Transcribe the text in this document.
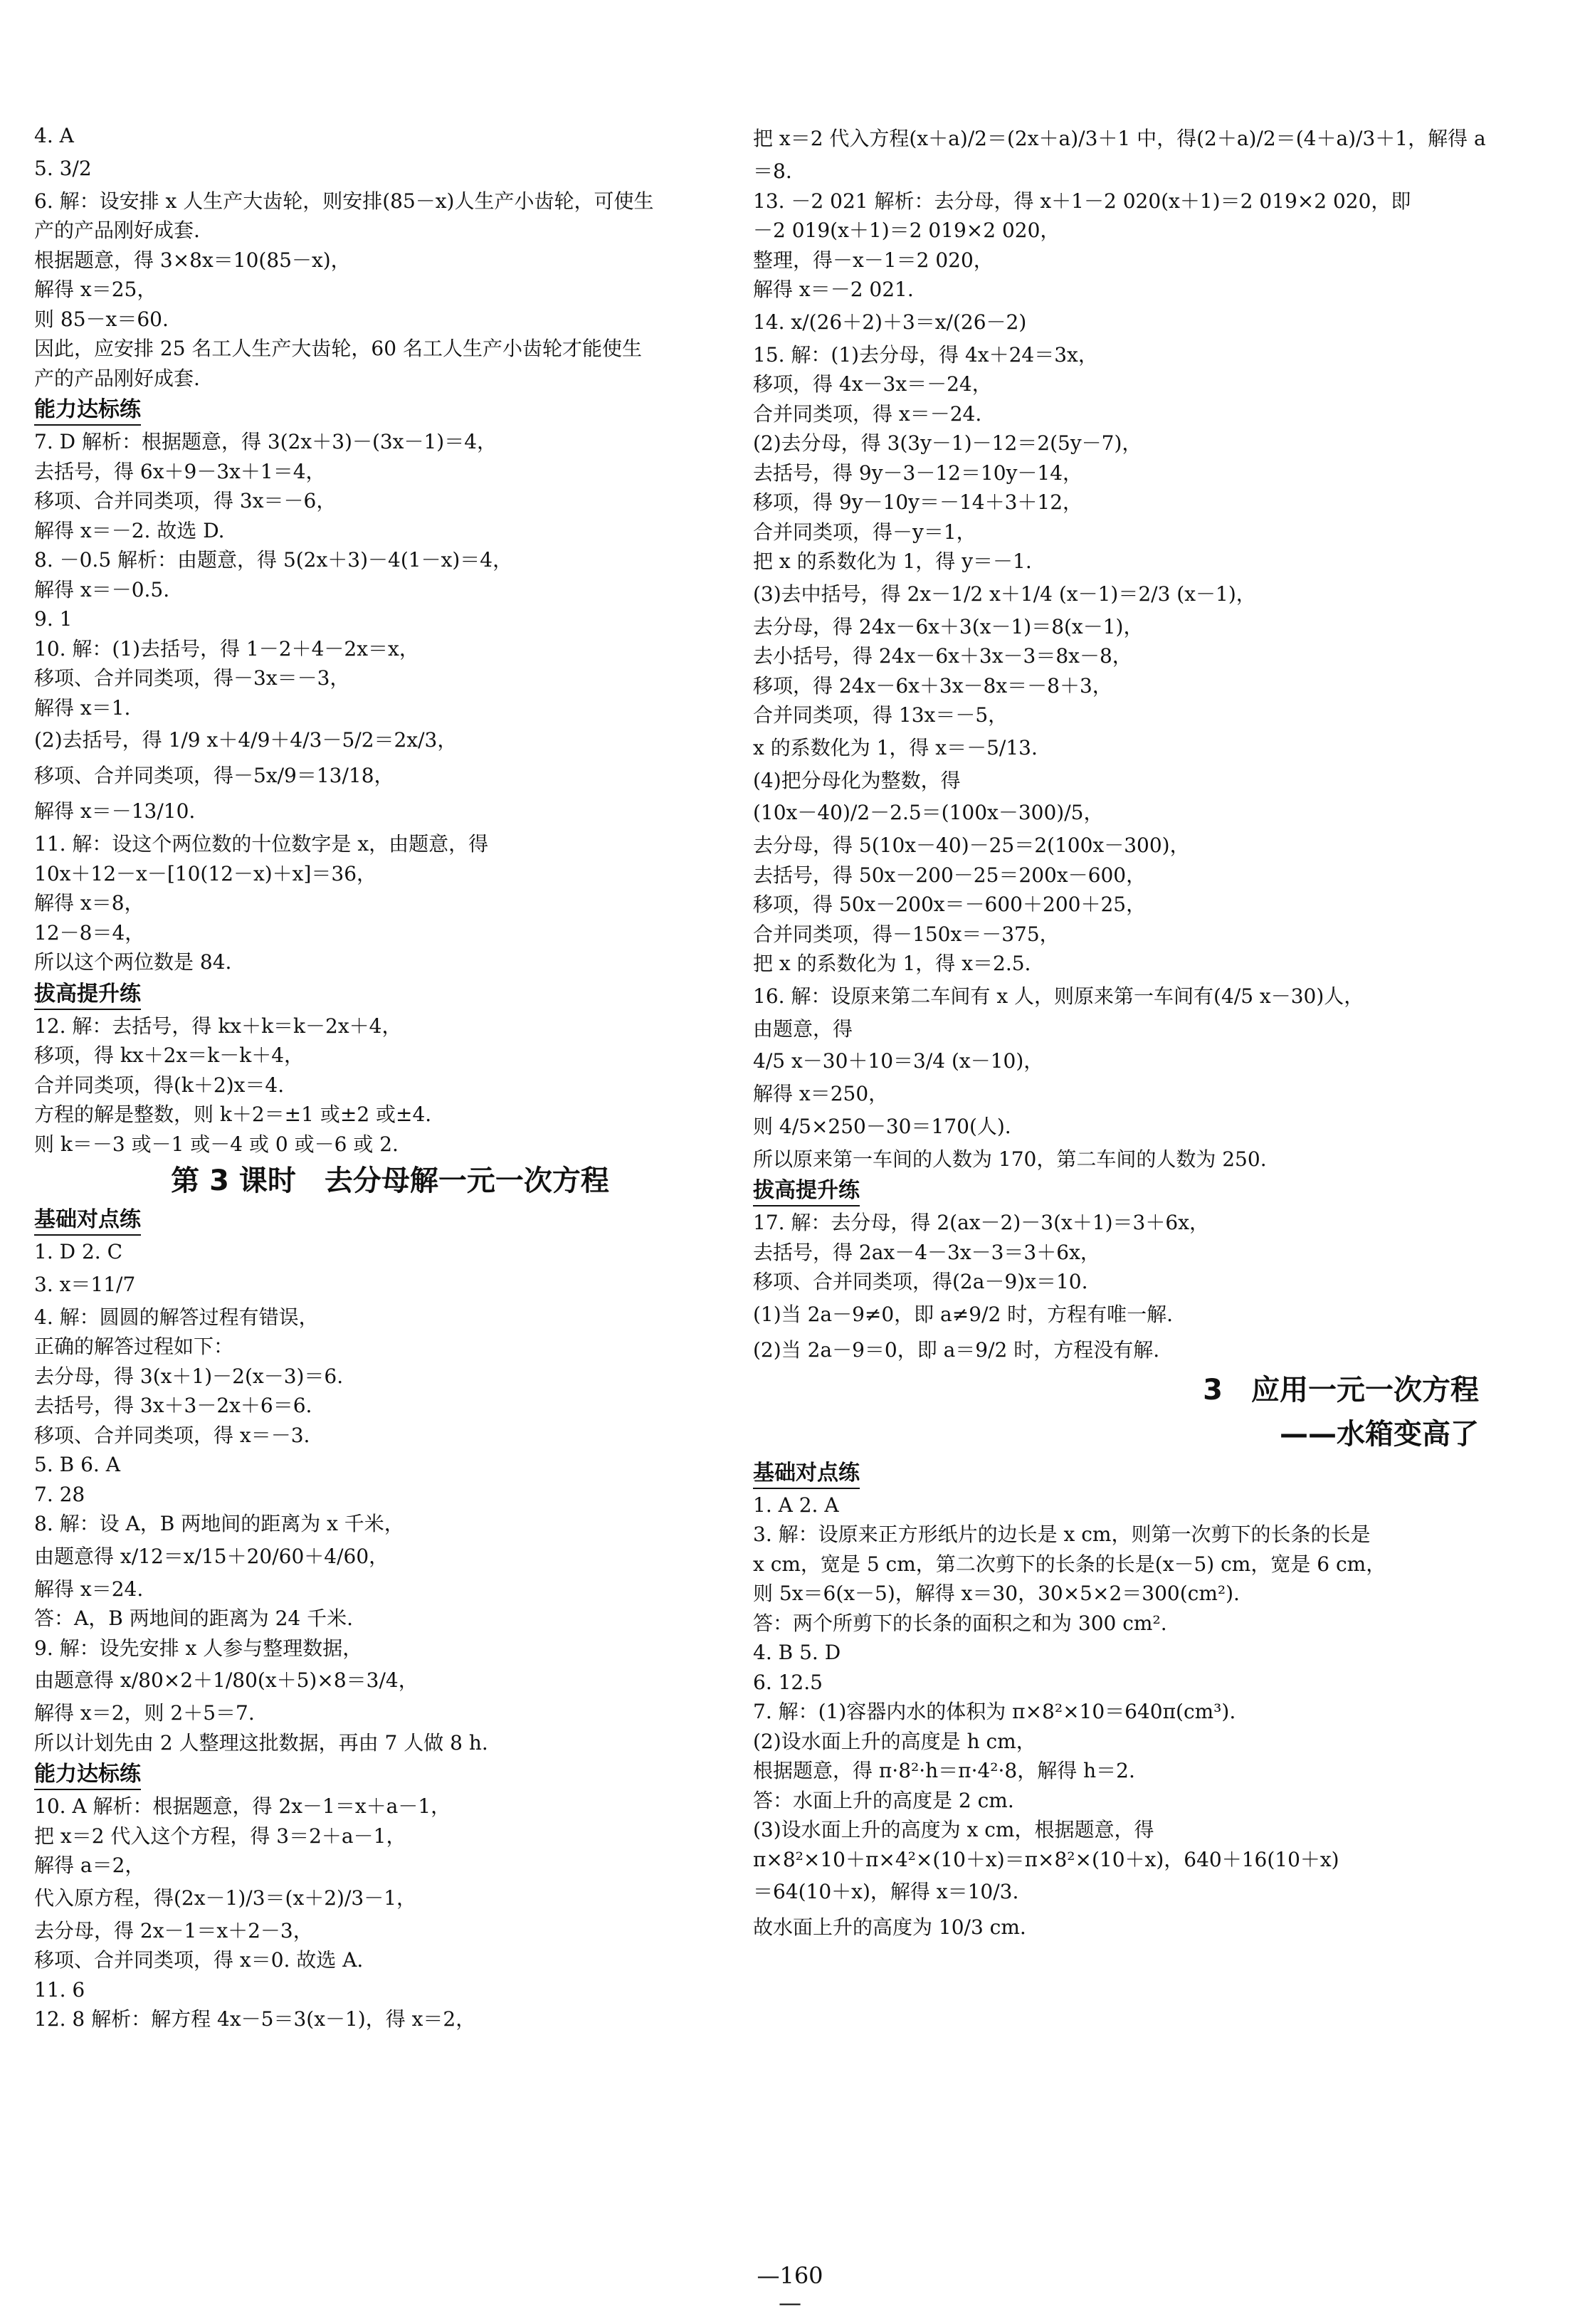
4. A
5. 3/2
6. 解：设安排 x 人生产大齿轮，则安排(85－x)人生产小齿轮，可使生
产的产品刚好成套.
根据题意，得 3×8x＝10(85－x)，
解得 x＝25，
则 85－x＝60.
因此，应安排 25 名工人生产大齿轮，60 名工人生产小齿轮才能使生
产的产品刚好成套.
能力达标练
7. D 解析：根据题意，得 3(2x＋3)－(3x－1)＝4，
去括号，得 6x＋9－3x＋1＝4，
移项、合并同类项，得 3x＝－6，
解得 x＝－2. 故选 D.
8. －0.5 解析：由题意，得 5(2x＋3)－4(1－x)＝4，
解得 x＝－0.5.
9. 1
10. 解：(1)去括号，得 1－2＋4－2x＝x，
移项、合并同类项，得－3x＝－3，
解得 x＝1.
(2)去括号，得 1/9 x＋4/9＋4/3－5/2＝2x/3，
移项、合并同类项，得－5x/9＝13/18，
解得 x＝－13/10.
11. 解：设这个两位数的十位数字是 x，由题意，得
10x＋12－x－[10(12－x)＋x]＝36，
解得 x＝8，
12－8＝4，
所以这个两位数是 84.
拔高提升练
12. 解：去括号，得 kx＋k＝k－2x＋4，
移项，得 kx＋2x＝k－k＋4，
合并同类项，得(k＋2)x＝4.
方程的解是整数，则 k＋2＝±1 或±2 或±4.
则 k＝－3 或－1 或－4 或 0 或－6 或 2.
第 3 课时　去分母解一元一次方程
基础对点练
1. D 2. C
3. x＝11/7
4. 解：圆圆的解答过程有错误，
正确的解答过程如下：
去分母，得 3(x＋1)－2(x－3)＝6.
去括号，得 3x＋3－2x＋6＝6.
移项、合并同类项，得 x＝－3.
5. B 6. A
7. 28
8. 解：设 A，B 两地间的距离为 x 千米，
由题意得 x/12＝x/15＋20/60＋4/60，
解得 x＝24.
答：A，B 两地间的距离为 24 千米.
9. 解：设先安排 x 人参与整理数据，
由题意得 x/80×2＋1/80(x＋5)×8＝3/4，
解得 x＝2，则 2＋5＝7.
所以计划先由 2 人整理这批数据，再由 7 人做 8 h.
能力达标练
10. A 解析：根据题意，得 2x－1＝x＋a－1，
把 x＝2 代入这个方程，得 3＝2＋a－1，
解得 a＝2，
代入原方程，得(2x－1)/3＝(x＋2)/3－1，
去分母，得 2x－1＝x＋2－3，
移项、合并同类项，得 x＝0. 故选 A.
11. 6
12. 8 解析：解方程 4x－5＝3(x－1)，得 x＝2，
把 x＝2 代入方程(x＋a)/2＝(2x＋a)/3＋1 中，得(2＋a)/2＝(4＋a)/3＋1，解得 a
＝8.
13. －2 021 解析：去分母，得 x＋1－2 020(x＋1)＝2 019×2 020，即
－2 019(x＋1)＝2 019×2 020，
整理，得－x－1＝2 020，
解得 x＝－2 021.
14. x/(26＋2)＋3＝x/(26－2)
15. 解：(1)去分母，得 4x＋24＝3x，
移项，得 4x－3x＝－24，
合并同类项，得 x＝－24.
(2)去分母，得 3(3y－1)－12＝2(5y－7)，
去括号，得 9y－3－12＝10y－14，
移项，得 9y－10y＝－14＋3＋12，
合并同类项，得－y＝1，
把 x 的系数化为 1，得 y＝－1.
(3)去中括号，得 2x－1/2 x＋1/4 (x－1)＝2/3 (x－1)，
去分母，得 24x－6x＋3(x－1)＝8(x－1)，
去小括号，得 24x－6x＋3x－3＝8x－8，
移项，得 24x－6x＋3x－8x＝－8＋3，
合并同类项，得 13x＝－5，
x 的系数化为 1，得 x＝－5/13.
(4)把分母化为整数，得
(10x－40)/2－2.5＝(100x－300)/5，
去分母，得 5(10x－40)－25＝2(100x－300)，
去括号，得 50x－200－25＝200x－600，
移项，得 50x－200x＝－600＋200＋25，
合并同类项，得－150x＝－375，
把 x 的系数化为 1，得 x＝2.5.
16. 解：设原来第二车间有 x 人，则原来第一车间有(4/5 x－30)人，
由题意，得
4/5 x－30＋10＝3/4 (x－10)，
解得 x＝250，
则 4/5×250－30＝170(人).
所以原来第一车间的人数为 170，第二车间的人数为 250.
拔高提升练
17. 解：去分母，得 2(ax－2)－3(x＋1)＝3＋6x，
去括号，得 2ax－4－3x－3＝3＋6x，
移项、合并同类项，得(2a－9)x＝10.
(1)当 2a－9≠0，即 a≠9/2 时，方程有唯一解.
(2)当 2a－9＝0，即 a＝9/2 时，方程没有解.
3　应用一元一次方程
——水箱变高了
基础对点练
1. A 2. A
3. 解：设原来正方形纸片的边长是 x cm，则第一次剪下的长条的长是
x cm，宽是 5 cm，第二次剪下的长条的长是(x－5) cm，宽是 6 cm，
则 5x＝6(x－5)，解得 x＝30，30×5×2＝300(cm²).
答：两个所剪下的长条的面积之和为 300 cm².
4. B 5. D
6. 12.5
7. 解：(1)容器内水的体积为 π×8²×10＝640π(cm³).
(2)设水面上升的高度是 h cm，
根据题意，得 π·8²·h＝π·4²·8，解得 h＝2.
答：水面上升的高度是 2 cm.
(3)设水面上升的高度为 x cm，根据题意，得
π×8²×10＋π×4²×(10＋x)＝π×8²×(10＋x)，640＋16(10＋x)
＝64(10＋x)，解得 x＝10/3.
故水面上升的高度为 10/3 cm.
—160—
